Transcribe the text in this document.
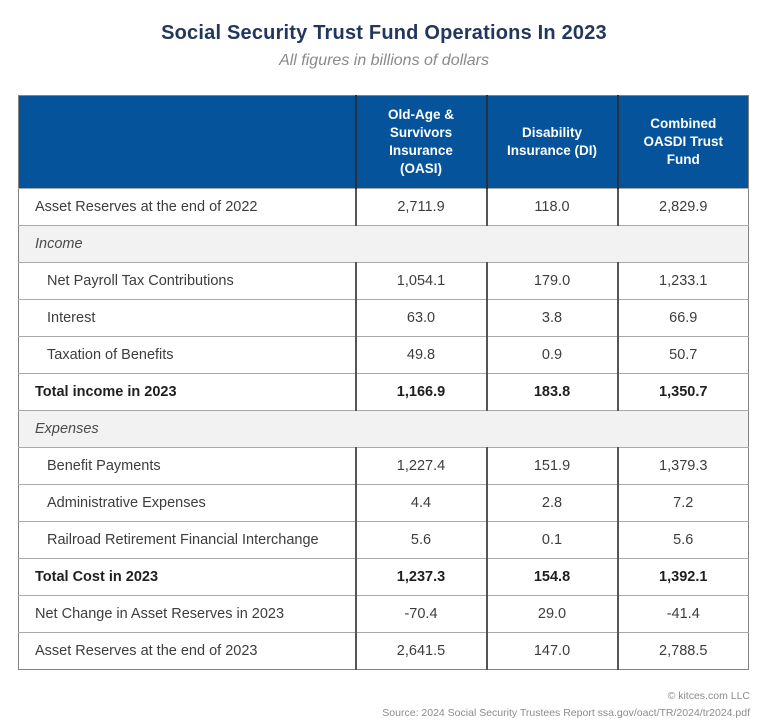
Social Security Trust Fund Operations In 2023
All figures in billions of dollars
	Old-Age & Survivors Insurance (OASI)	Disability Insurance (DI)	Combined OASDI Trust Fund
Asset Reserves at the end of 2022	2,711.9	118.0	2,829.9
Income			
Net Payroll Tax Contributions	1,054.1	179.0	1,233.1
Interest	63.0	3.8	66.9
Taxation of Benefits	49.8	0.9	50.7
Total income in 2023	1,166.9	183.8	1,350.7
Expenses			
Benefit Payments	1,227.4	151.9	1,379.3
Administrative Expenses	4.4	2.8	7.2
Railroad Retirement Financial Interchange	5.6	0.1	5.6
Total Cost in 2023	1,237.3	154.8	1,392.1
Net Change in Asset Reserves in 2023	-70.4	29.0	-41.4
Asset Reserves at the end of 2023	2,641.5	147.0	2,788.5
© kitces.com LLC
Source: 2024 Social Security Trustees Report ssa.gov/oact/TR/2024/tr2024.pdf
